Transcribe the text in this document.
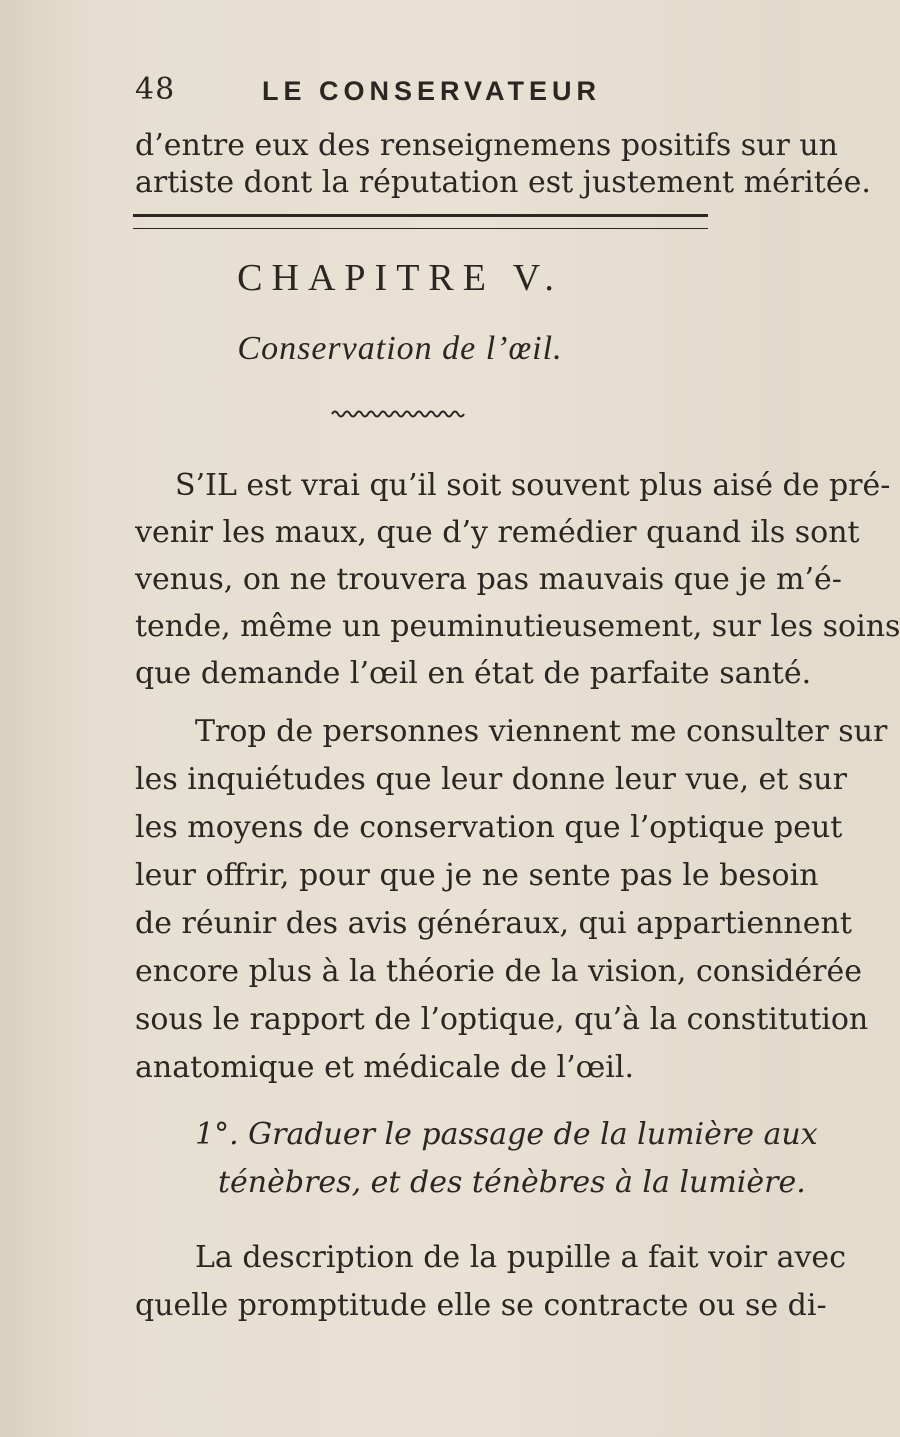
48	LE CONSERVATEUR
d’entre eux des renseignemens positifs sur un
artiste dont la réputation est justement méritée.
CHAPITRE V.
Conservation de l’œil.
S’IL est vrai qu’il soit souvent plus aisé de pré-
venir les maux, que d’y remédier quand ils sont
venus, on ne trouvera pas mauvais que je m’é-
tende, même un peuminutieusement, sur les soins
que demande l’œil en état de parfaite santé.
Trop de personnes viennent me consulter sur
les inquiétudes que leur donne leur vue, et sur
les moyens de conservation que l’optique peut
leur offrir, pour que je ne sente pas le besoin
de réunir des avis généraux, qui appartiennent
encore plus à la théorie de la vision, considérée
sous le rapport de l’optique, qu’à la constitution
anatomique et médicale de l’œil.
1°. Graduer le passage de la lumière aux
ténèbres, et des ténèbres à la lumière.
La description de la pupille a fait voir avec
quelle promptitude elle se contracte ou se di-
